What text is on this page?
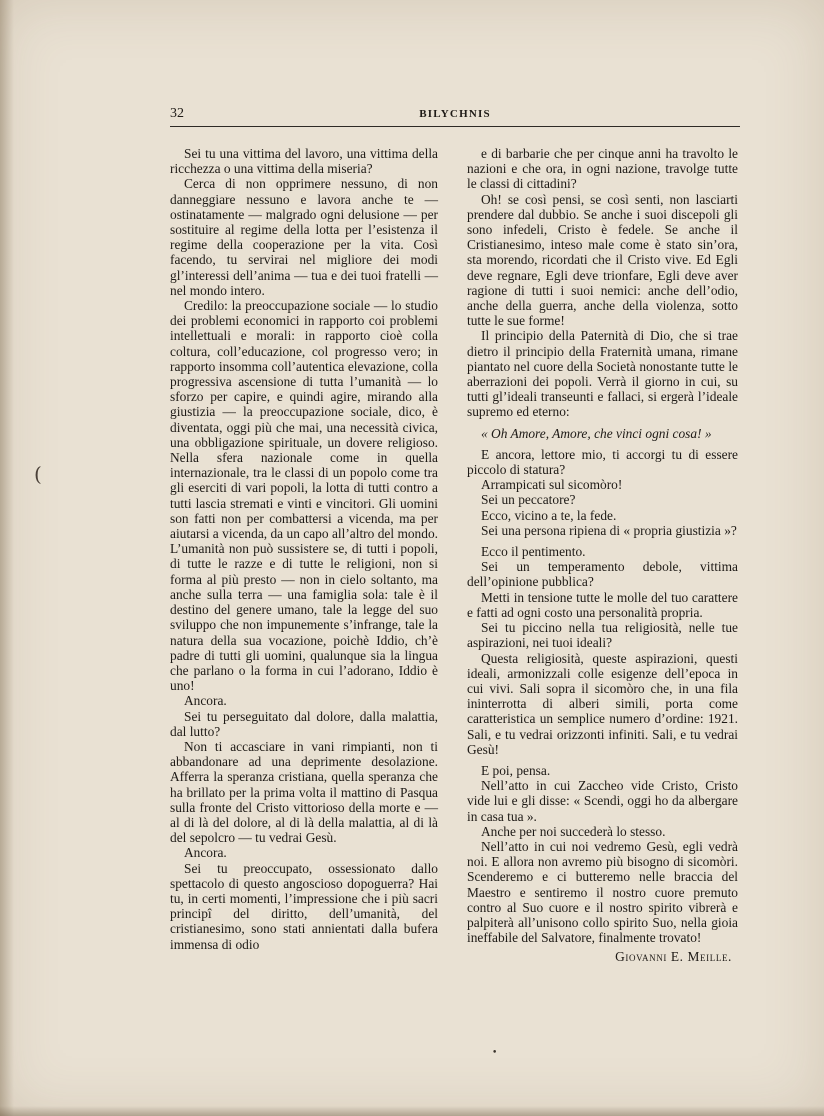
32	BILYCHNIS

Sei tu una vittima del lavoro, una vittima della ricchezza o una vittima della miseria?

Cerca di non opprimere nessuno, di non danneggiare nessuno e lavora anche te — ostinatamente — malgrado ogni delusione — per sostituire al regime della lotta per l’esistenza il regime della cooperazione per la vita. Così facendo, tu servirai nel migliore dei modi gl’interessi dell’anima — tua e dei tuoi fratelli — nel mondo intero.

Credilo: la preoccupazione sociale — lo studio dei problemi economici in rapporto coi problemi intellettuali e morali: in rapporto cioè colla coltura, coll’educazione, col progresso vero; in rapporto insomma coll’autentica elevazione, colla progressiva ascensione di tutta l’umanità — lo sforzo per capire, e quindi agire, mirando alla giustizia — la preoccupazione sociale, dico, è diventata, oggi più che mai, una necessità civica, una obbligazione spirituale, un dovere religioso. Nella sfera nazionale come in quella internazionale, tra le classi di un popolo come tra gli eserciti di vari popoli, la lotta di tutti contro a tutti lascia stremati e vinti e vincitori. Gli uomini son fatti non per combattersi a vicenda, ma per aiutarsi a vicenda, da un capo all’altro del mondo. L’umanità non può sussistere se, di tutti i popoli, di tutte le razze e di tutte le religioni, non si forma al più presto — non in cielo soltanto, ma anche sulla terra — una famiglia sola: tale è il destino del genere umano, tale la legge del suo sviluppo che non impunemente s’infrange, tale la natura della sua vocazione, poichè Iddio, ch’è padre di tutti gli uomini, qualunque sia la lingua che parlano o la forma in cui l’adorano, Iddio è uno!

Ancora.

Sei tu perseguitato dal dolore, dalla malattia, dal lutto?

Non ti accasciare in vani rimpianti, non ti abbandonare ad una deprimente desolazione. Afferra la speranza cristiana, quella speranza che ha brillato per la prima volta il mattino di Pasqua sulla fronte del Cristo vittorioso della morte e — al di là del dolore, al di là della malattia, al di là del sepolcro — tu vedrai Gesù.

Ancora.

Sei tu preoccupato, ossessionato dallo spettacolo di questo angoscioso dopoguerra? Hai tu, in certi momenti, l’impressione che i più sacri principî del diritto, dell’umanità, del cristianesimo, sono stati annientati dalla bufera immensa di odio

e di barbarie che per cinque anni ha travolto le nazioni e che ora, in ogni nazione, travolge tutte le classi di cittadini?

Oh! se così pensi, se così senti, non lasciarti prendere dal dubbio. Se anche i suoi discepoli gli sono infedeli, Cristo è fedele. Se anche il Cristianesimo, inteso male come è stato sin’ora, sta morendo, ricordati che il Cristo vive. Ed Egli deve regnare, Egli deve trionfare, Egli deve aver ragione di tutti i suoi nemici: anche dell’odio, anche della guerra, anche della violenza, sotto tutte le sue forme!

Il principio della Paternità di Dio, che si trae dietro il principio della Fraternità umana, rimane piantato nel cuore della Società nonostante tutte le aberrazioni dei popoli. Verrà il giorno in cui, su tutti gl’ideali transeunti e fallaci, si ergerà l’ideale supremo ed eterno:

« Oh Amore, Amore, che vinci ogni cosa! »

E ancora, lettore mio, ti accorgi tu di essere piccolo di statura?

Arrampicati sul sicomòro!

Sei un peccatore?

Ecco, vicino a te, la fede.

Sei una persona ripiena di « propria giustizia »?

Ecco il pentimento.

Sei un temperamento debole, vittima dell’opinione pubblica?

Metti in tensione tutte le molle del tuo carattere e fatti ad ogni costo una personalità propria.

Sei tu piccino nella tua religiosità, nelle tue aspirazioni, nei tuoi ideali?

Questa religiosità, queste aspirazioni, questi ideali, armonizzali colle esigenze dell’epoca in cui vivi. Sali sopra il sicomòro che, in una fila ininterrotta di alberi simili, porta come caratteristica un semplice numero d’ordine: 1921. Sali, e tu vedrai orizzonti infiniti. Sali, e tu vedrai Gesù!

E poi, pensa.

Nell’atto in cui Zaccheo vide Cristo, Cristo vide lui e gli disse: « Scendi, oggi ho da albergare in casa tua ».

Anche per noi succederà lo stesso.

Nell’atto in cui noi vedremo Gesù, egli vedrà noi. E allora non avremo più bisogno di sicomòri. Scenderemo e ci butteremo nelle braccia del Maestro e sentiremo il nostro cuore premuto contro al Suo cuore e il nostro spirito vibrerà e palpiterà all’unisono collo spirito Suo, nella gioia ineffabile del Salvatore, finalmente trovato!

Giovanni E. Meille.

(
•
